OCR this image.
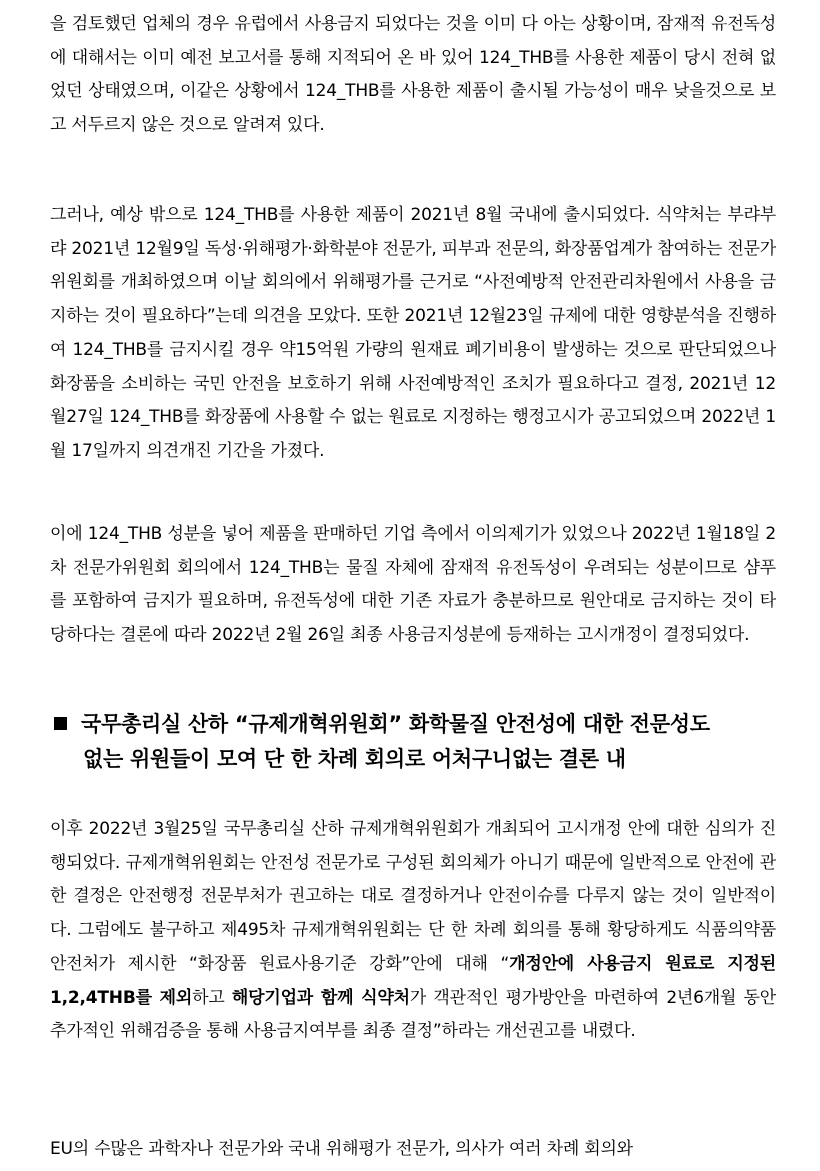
을 검토했던 업체의 경우 유럽에서 사용금지 되었다는 것을 이미 다 아는 상황이며, 잠재적 유전독성에 대해서는 이미 예전 보고서를 통해 지적되어 온 바 있어 124_THB를 사용한 제품이 당시 전혀 없었던 상태였으며, 이같은 상황에서 124_THB를 사용한 제품이 출시될 가능성이 매우 낮을것으로 보고 서두르지 않은 것으로 알려져 있다.

그러나, 예상 밖으로 124_THB를 사용한 제품이 2021년 8월 국내에 출시되었다. 식약처는 부랴부랴 2021년 12월9일 독성·위해평가·화학분야 전문가, 피부과 전문의, 화장품업계가 참여하는 전문가위원회를 개최하였으며 이날 회의에서 위해평가를 근거로 “사전예방적 안전관리차원에서 사용을 금지하는 것이 필요하다”는데 의견을 모았다. 또한 2021년 12월23일 규제에 대한 영향분석을 진행하여 124_THB를 금지시킬 경우 약15억원 가량의 원재료 폐기비용이 발생하는 것으로 판단되었으나 화장품을 소비하는 국민 안전을 보호하기 위해 사전예방적인 조치가 필요하다고 결정, 2021년 12월27일 124_THB를 화장품에 사용할 수 없는 원료로 지정하는 행정고시가 공고되었으며 2022년 1월 17일까지 의견개진 기간을 가졌다.

이에 124_THB 성분을 넣어 제품을 판매하던 기업 측에서 이의제기가 있었으나 2022년 1월18일 2차 전문가위원회 회의에서 124_THB는 물질 자체에 잠재적 유전독성이 우려되는 성분이므로 샴푸를 포함하여 금지가 필요하며, 유전독성에 대한 기존 자료가 충분하므로 원안대로 금지하는 것이 타당하다는 결론에 따라 2022년 2월 26일 최종 사용금지성분에 등재하는 고시개정이 결정되었다.

국무총리실 산하 “규제개혁위원회” 화학물질 안전성에 대한 전문성도
없는 위원들이 모여 단 한 차례 회의로 어처구니없는 결론 내

이후 2022년 3월25일 국무총리실 산하 규제개혁위원회가 개최되어 고시개정 안에 대한 심의가 진행되었다. 규제개혁위원회는 안전성 전문가로 구성된 회의체가 아니기 때문에 일반적으로 안전에 관한 결정은 안전행정 전문부처가 권고하는 대로 결정하거나 안전이슈를 다루지 않는 것이 일반적이다. 그럼에도 불구하고 제495차 규제개혁위원회는 단 한 차례 회의를 통해 황당하게도 식품의약품안전처가 제시한 “화장품 원료사용기준 강화”안에 대해 “개정안에 사용금지 원료로 지정된 1,2,4THB를 제외하고 해당기업과 함께 식약처가 객관적인 평가방안을 마련하여 2년6개월 동안 추가적인 위해검증을 통해 사용금지여부를 최종 결정”하라는 개선권고를 내렸다.

EU의 수많은 과학자나 전문가와 국내 위해평가 전문가, 의사가 여러 차례 회의와
